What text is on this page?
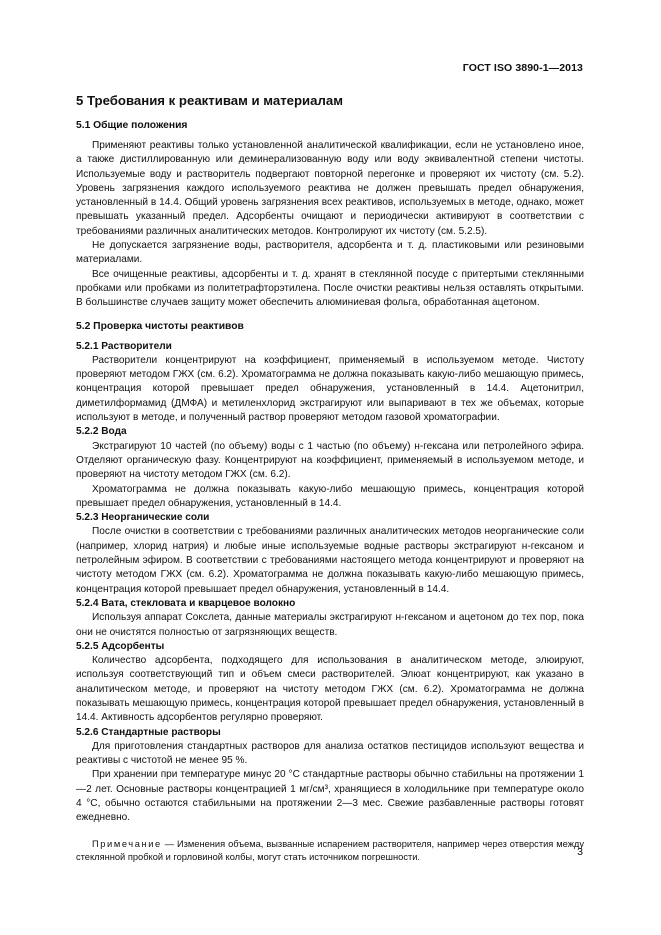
ГОСТ ISO 3890-1—2013
5 Требования к реактивам и материалам
5.1 Общие положения

Применяют реактивы только установленной аналитической квалификации, если не установлено иное, а также дистиллированную или деминерализованную воду или воду эквивалентной степени чистоты. Используемые воду и растворитель подвергают повторной перегонке и проверяют их чистоту (см. 5.2). Уровень загрязнения каждого используемого реактива не должен превышать предел обнаружения, установленный в 14.4. Общий уровень загрязнения всех реактивов, используемых в методе, однако, может превышать указанный предел. Адсорбенты очищают и периодически активируют в соответствии с требованиями различных аналитических методов. Контролируют их чистоту (см. 5.2.5).

Не допускается загрязнение воды, растворителя, адсорбента и т. д. пластиковыми или резиновыми материалами.

Все очищенные реактивы, адсорбенты и т. д. хранят в стеклянной посуде с притертыми стеклянными пробками или пробками из политетрафторэтилена. После очистки реактивы нельзя оставлять открытыми. В большинстве случаев защиту может обеспечить алюминиевая фольга, обработанная ацетоном.

5.2 Проверка чистоты реактивов
5.2.1 Растворители

Растворители концентрируют на коэффициент, применяемый в используемом методе. Чистоту проверяют методом ГЖХ (см. 6.2). Хроматограмма не должна показывать какую-либо мешающую примесь, концентрация которой превышает предел обнаружения, установленный в 14.4. Ацетонитрил, диметилформамид (ДМФА) и метиленхлорид экстрагируют или выпаривают в тех же объемах, которые используют в методе, и полученный раствор проверяют методом газовой хроматографии.

5.2.2 Вода

Экстрагируют 10 частей (по объему) воды с 1 частью (по объему) н-гексана или петролейного эфира. Отделяют органическую фазу. Концентрируют на коэффициент, применяемый в используемом методе, и проверяют на чистоту методом ГЖХ (см. 6.2).

Хроматограмма не должна показывать какую-либо мешающую примесь, концентрация которой превышает предел обнаружения, установленный в 14.4.

5.2.3 Неорганические соли

После очистки в соответствии с требованиями различных аналитических методов неорганические соли (например, хлорид натрия) и любые иные используемые водные растворы экстрагируют н-гексаном и петролейным эфиром. В соответствии с требованиями настоящего метода концентрируют и проверяют на чистоту методом ГЖХ (см. 6.2). Хроматограмма не должна показывать какую-либо мешающую примесь, концентрация которой превышает предел обнаружения, установленный в 14.4.

5.2.4 Вата, стекловата и кварцевое волокно

Используя аппарат Сокслета, данные материалы экстрагируют н-гексаном и ацетоном до тех пор, пока они не очистятся полностью от загрязняющих веществ.

5.2.5 Адсорбенты

Количество адсорбента, подходящего для использования в аналитическом методе, элюируют, используя соответствующий тип и объем смеси растворителей. Элюат концентрируют, как указано в аналитическом методе, и проверяют на чистоту методом ГЖХ (см. 6.2). Хроматограмма не должна показывать мешающую примесь, концентрация которой превышает предел обнаружения, установленный в 14.4. Активность адсорбентов регулярно проверяют.

5.2.6 Стандартные растворы

Для приготовления стандартных растворов для анализа остатков пестицидов используют вещества и реактивы с чистотой не менее 95 %.

При хранении при температуре минус 20 °С стандартные растворы обычно стабильны на протяжении 1—2 лет. Основные растворы концентрацией 1 мг/см³, хранящиеся в холодильнике при температуре около 4 °С, обычно остаются стабильными на протяжении 2—3 мес. Свежие разбавленные растворы готовят ежедневно.

Примечание — Изменения объема, вызванные испарением растворителя, например через отверстия между стеклянной пробкой и горловиной колбы, могут стать источником погрешности.	3
